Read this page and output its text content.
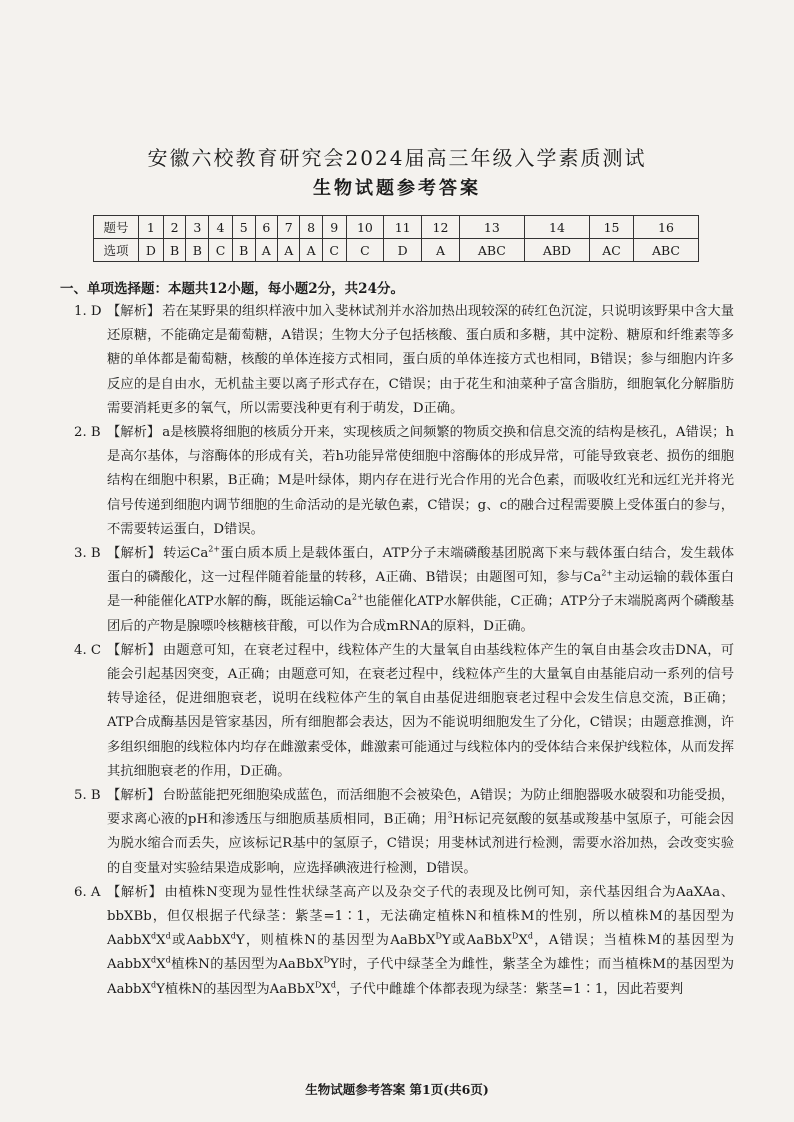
安徽六校教育研究会2024届高三年级入学素质测试
生物试题参考答案
题号	1	2	3	4	5	6	7	8	9	10	11	12	13	14	15	16
选项	D	B	B	C	B	A	A	A	C	C	D	A	ABC	ABD	AC	ABC
一、单项选择题：本题共12小题，每小题2分，共24分。

1. D 【解析】 若在某野果的组织样液中加入斐林试剂并水浴加热出现较深的砖红色沉淀，只说明该野果中含大量还原糖，不能确定是葡萄糖，A错误；生物大分子包括核酸、蛋白质和多糖，其中淀粉、糖原和纤维素等多糖的单体都是葡萄糖，核酸的单体连接方式相同，蛋白质的单体连接方式也相同，B错误；参与细胞内许多反应的是自由水，无机盐主要以离子形式存在，C错误；由于花生和油菜种子富含脂肪，细胞氧化分解脂肪需要消耗更多的氧气，所以需要浅种更有利于萌发，D正确。

2. B 【解析】 a是核膜将细胞的核质分开来，实现核质之间频繁的物质交换和信息交流的结构是核孔，A错误；h是高尔基体，与溶酶体的形成有关，若h功能异常使细胞中溶酶体的形成异常，可能导致衰老、损伤的细胞结构在细胞中积累，B正确；M是叶绿体，期内存在进行光合作用的光合色素，而吸收红光和远红光并将光信号传递到细胞内调节细胞的生命活动的是光敏色素，C错误；g、c的融合过程需要膜上受体蛋白的参与，不需要转运蛋白，D错误。

3. B 【解析】 转运$Ca^{2+}$蛋白质本质上是载体蛋白，ATP分子末端磷酸基团脱离下来与载体蛋白结合，发生载体蛋白的磷酸化，这一过程伴随着能量的转移，A正确、B错误；由题图可知，参与$Ca^{2+}$主动运输的载体蛋白是一种能催化ATP水解的酶，既能运输$Ca^{2+}$也能催化ATP水解供能，C正确；ATP分子末端脱离两个磷酸基团后的产物是腺嘌呤核糖核苷酸，可以作为合成mRNA的原料，D正确。

4. C 【解析】 由题意可知，在衰老过程中，线粒体产生的大量氧自由基线粒体产生的氧自由基会攻击DNA，可能会引起基因突变，A正确；由题意可知，在衰老过程中，线粒体产生的大量氧自由基能启动一系列的信号转导途径，促进细胞衰老，说明在线粒体产生的氧自由基促进细胞衰老过程中会发生信息交流，B正确；ATP合成酶基因是管家基因，所有细胞都会表达，因为不能说明细胞发生了分化，C错误；由题意推测，许多组织细胞的线粒体内均存在雌激素受体，雌激素可能通过与线粒体内的受体结合来保护线粒体，从而发挥其抗细胞衰老的作用，D正确。

5. B 【解析】 台盼蓝能把死细胞染成蓝色，而活细胞不会被染色，A错误；为防止细胞器吸水破裂和功能受损，要求离心液的pH和渗透压与细胞质基质相同，B正确；用$^3$H标记亮氨酸的氨基或羧基中氢原子，可能会因为脱水缩合而丢失，应该标记R基中的氢原子，C错误；用斐林试剂进行检测，需要水浴加热，会改变实验的自变量对实验结果造成影响，应选择碘液进行检测，D错误。

6. A 【解析】 由植株N变现为显性性状绿茎高产以及杂交子代的表现及比例可知，亲代基因组合为AaXAa、bbXBb，但仅根据子代绿茎：紫茎=1∶1，无法确定植株N和植株M的性别，所以植株M的基因型为$AabbX^dX^d$或AabbX$^d$Y，则植株N的基因型为AaBbX$^D$Y或$AaBbX^DX^d$，A错误；当植株M的基因型为$AabbX^dX^d$植株N的基因型为AaBbX$^D$Y时，子代中绿茎全为雌性，紫茎全为雄性；而当植株M的基因型为AabbX$^d$Y植株N的基因型为$AaBbX^DX^d$，子代中雌雄个体都表现为绿茎：紫茎=1∶1，因此若要判

生物试题参考答案 第1页(共6页)
